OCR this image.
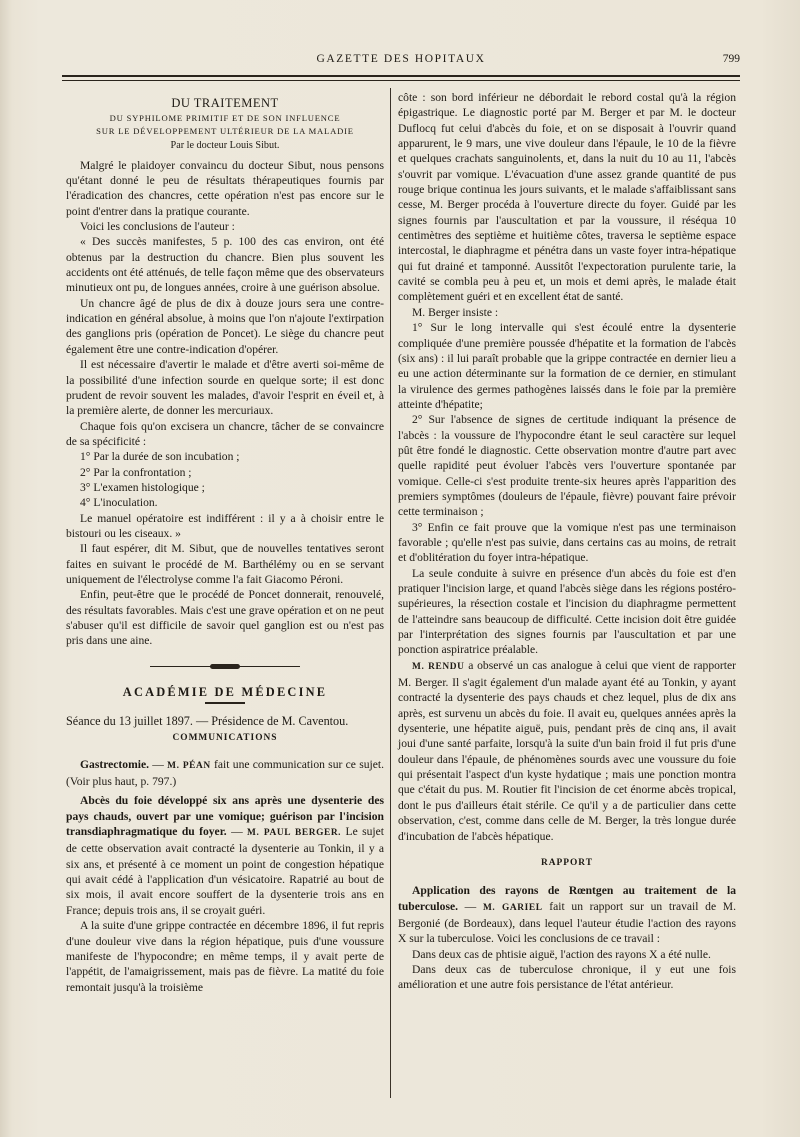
GAZETTE DES HOPITAUX	799
DU TRAITEMENT
DU SYPHILOME PRIMITIF ET DE SON INFLUENCE
SUR LE DÉVELOPPEMENT ULTÉRIEUR DE LA MALADIE
Par le docteur Louis Sibut.

Malgré le plaidoyer convaincu du docteur Sibut, nous pensons qu'étant donné le peu de résultats thérapeutiques fournis par l'éradication des chancres, cette opération n'est pas encore sur le point d'entrer dans la pratique courante.

Voici les conclusions de l'auteur :

« Des succès manifestes, 5 p. 100 des cas environ, ont été obtenus par la destruction du chancre. Bien plus souvent les accidents ont été atténués, de telle façon même que des observateurs minutieux ont pu, de longues années, croire à une guérison absolue.

Un chancre âgé de plus de dix à douze jours sera une contre-indication en général absolue, à moins que l'on n'ajoute l'extirpation des ganglions pris (opération de Poncet). Le siège du chancre peut également être une contre-indication d'opérer.

Il est nécessaire d'avertir le malade et d'être averti soi-même de la possibilité d'une infection sourde en quelque sorte; il est donc prudent de revoir souvent les malades, d'avoir l'esprit en éveil et, à la première alerte, de donner les mercuriaux.

Chaque fois qu'on excisera un chancre, tâcher de se convaincre de sa spécificité :

1° Par la durée de son incubation ;

2° Par la confrontation ;

3° L'examen histologique ;

4° L'inoculation.

Le manuel opératoire est indifférent : il y a à choisir entre le bistouri ou les ciseaux. »

Il faut espérer, dit M. Sibut, que de nouvelles tentatives seront faites en suivant le procédé de M. Barthélémy ou en se servant uniquement de l'électrolyse comme l'a fait Giacomo Péroni.

Enfin, peut-être que le procédé de Poncet donnerait, renouvelé, des résultats favorables. Mais c'est une grave opération et on ne peut s'abuser qu'il est difficile de savoir quel ganglion est ou n'est pas pris dans une aine.

ACADÉMIE DE MÉDECINE

Séance du 13 juillet 1897. — Présidence de M. Caventou.

COMMUNICATIONS

Gastrectomie. — M. PÉAN fait une communication sur ce sujet. (Voir plus haut, p. 797.)

Abcès du foie développé six ans après une dysenterie des pays chauds, ouvert par une vomique; guérison par l'incision transdiaphragmatique du foyer. — M. PAUL BERGER. Le sujet de cette observation avait contracté la dysenterie au Tonkin, il y a six ans, et présenté à ce moment un point de congestion hépatique qui avait cédé à l'application d'un vésicatoire. Rapatrié au bout de six mois, il avait encore souffert de la dysenterie trois ans en France; depuis trois ans, il se croyait guéri.

A la suite d'une grippe contractée en décembre 1896, il fut repris d'une douleur vive dans la région hépatique, puis d'une voussure manifeste de l'hypocondre; en même temps, il y avait perte de l'appétit, de l'amaigrissement, mais pas de fièvre. La matité du foie remontait jusqu'à la troisième

côte : son bord inférieur ne débordait le rebord costal qu'à la région épigastrique. Le diagnostic porté par M. Berger et par M. le docteur Duflocq fut celui d'abcès du foie, et on se disposait à l'ouvrir quand apparurent, le 9 mars, une vive douleur dans l'épaule, le 10 de la fièvre et quelques crachats sanguinolents, et, dans la nuit du 10 au 11, l'abcès s'ouvrit par vomique. L'évacuation d'une assez grande quantité de pus rouge brique continua les jours suivants, et le malade s'affaiblissant sans cesse, M. Berger procéda à l'ouverture directe du foyer. Guidé par les signes fournis par l'auscultation et par la voussure, il réséqua 10 centimètres des septième et huitième côtes, traversa le septième espace intercostal, le diaphragme et pénétra dans un vaste foyer intra-hépatique qui fut drainé et tamponné. Aussitôt l'expectoration purulente tarie, la cavité se combla peu à peu et, un mois et demi après, le malade était complètement guéri et en excellent état de santé.

M. Berger insiste :

1° Sur le long intervalle qui s'est écoulé entre la dysenterie compliquée d'une première poussée d'hépatite et la formation de l'abcès (six ans) : il lui paraît probable que la grippe contractée en dernier lieu a eu une action déterminante sur la formation de ce dernier, en stimulant la virulence des germes pathogènes laissés dans le foie par la première atteinte d'hépatite;

2° Sur l'absence de signes de certitude indiquant la présence de l'abcès : la voussure de l'hypocondre étant le seul caractère sur lequel pût être fondé le diagnostic. Cette observation montre d'autre part avec quelle rapidité peut évoluer l'abcès vers l'ouverture spontanée par vomique. Celle-ci s'est produite trente-six heures après l'apparition des premiers symptômes (douleurs de l'épaule, fièvre) pouvant faire prévoir cette terminaison ;

3° Enfin ce fait prouve que la vomique n'est pas une terminaison favorable ; qu'elle n'est pas suivie, dans certains cas au moins, de retrait et d'oblitération du foyer intra-hépatique.

La seule conduite à suivre en présence d'un abcès du foie est d'en pratiquer l'incision large, et quand l'abcès siège dans les régions postéro-supérieures, la résection costale et l'incision du diaphragme permettent de l'atteindre sans beaucoup de difficulté. Cette incision doit être guidée par l'interprétation des signes fournis par l'auscultation et par une ponction aspiratrice préalable.

M. RENDU a observé un cas analogue à celui que vient de rapporter M. Berger. Il s'agit également d'un malade ayant été au Tonkin, y ayant contracté la dysenterie des pays chauds et chez lequel, plus de dix ans après, est survenu un abcès du foie. Il avait eu, quelques années après la dysenterie, une hépatite aiguë, puis, pendant près de cinq ans, il avait joui d'une santé parfaite, lorsqu'à la suite d'un bain froid il fut pris d'une douleur dans l'épaule, de phénomènes sourds avec une voussure du foie qui présentait l'aspect d'un kyste hydatique ; mais une ponction montra que c'était du pus. M. Routier fit l'incision de cet énorme abcès tropical, dont le pus d'ailleurs était stérile. Ce qu'il y a de particulier dans cette observation, c'est, comme dans celle de M. Berger, la très longue durée d'incubation de l'abcès hépatique.

RAPPORT

Application des rayons de Rœntgen au traitement de la tuberculose. — M. GARIEL fait un rapport sur un travail de M. Bergonié (de Bordeaux), dans lequel l'auteur étudie l'action des rayons X sur la tuberculose. Voici les conclusions de ce travail :

Dans deux cas de phtisie aiguë, l'action des rayons X a été nulle.

Dans deux cas de tuberculose chronique, il y eut une fois amélioration et une autre fois persistance de l'état antérieur.
